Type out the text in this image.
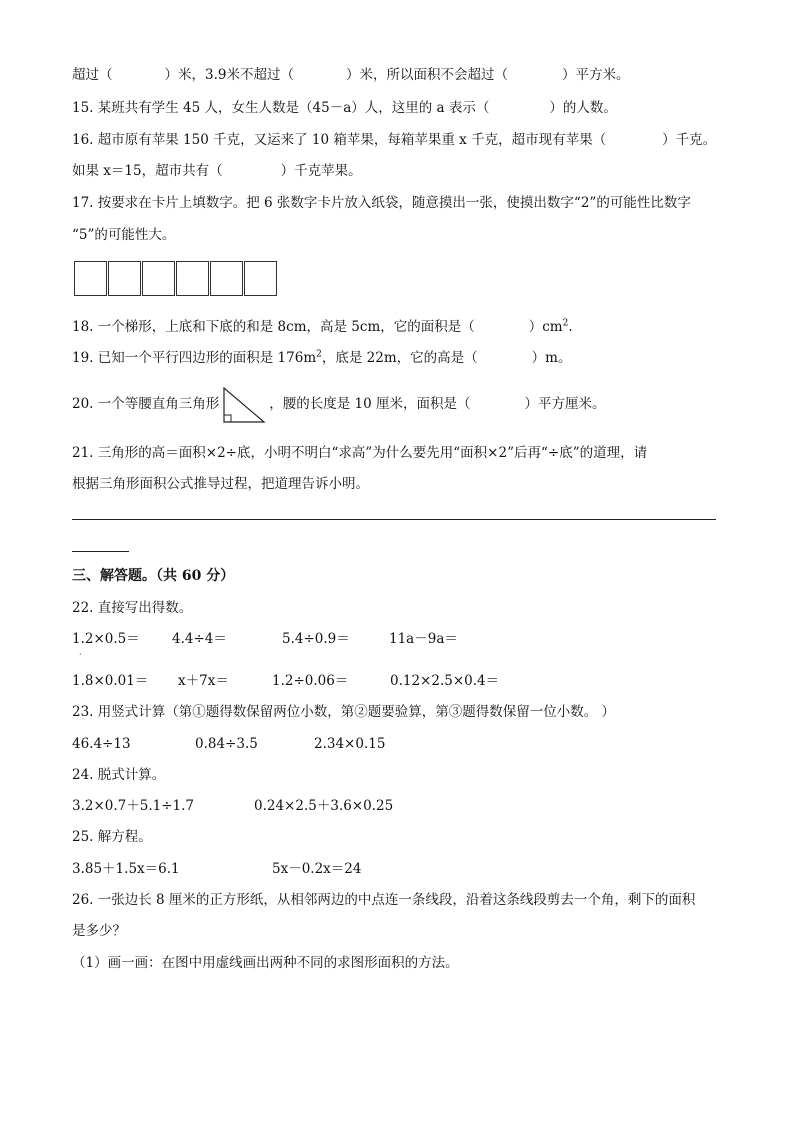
超过（	）米，3.9米不超过（	）米，所以面积不会超过（	）平方米。
15. 某班共有学生 45 人，女生人数是（45－a）人，这里的 a 表示（	）的人数。
16. 超市原有苹果 150 千克，又运来了 10 箱苹果，每箱苹果重 x 千克，超市现有苹果（	）千克。
如果 x＝15，超市共有（	）千克苹果。
17. 按要求在卡片上填数字。把 6 张数字卡片放入纸袋，随意摸出一张，使摸出数字“2”的可能性比数字
“5”的可能性大。
18. 一个梯形，上底和下底的和是 8cm，高是 5cm，它的面积是（	）$cm^2$.
19. 已知一个平行四边形的面积是 $176m^2$，底是 22m，它的高是（	）m。
20. 一个等腰直角三角形	，腰的长度是 10 厘米，面积是（	）平方厘米。
21. 三角形的高＝面积×2÷底，小明不明白“求高”为什么要先用“面积×2”后再“÷底”的道理，请
根据三角形面积公式推导过程，把道理告诉小明。
三、解答题。（共 60 分）
22. 直接写出得数。
1.2×0.5＝ 4.4÷4＝	5.4÷0.9＝	11a－9a＝
·
1.8×0.01＝ x＋7x＝	1.2÷0.06＝	0.12×2.5×0.4＝
23. 用竖式计算（第①题得数保留两位小数，第②题要验算，第③题得数保留一位小数。 ）
46.4÷13	0.84÷3.5	2.34×0.15
24. 脱式计算。
3.2×0.7＋5.1÷1.7	0.24×2.5＋3.6×0.25
25. 解方程。
3.85＋1.5x＝6.1	5x－0.2x＝24
26. 一张边长 8 厘米的正方形纸，从相邻两边的中点连一条线段，沿着这条线段剪去一个角，剩下的面积
是多少？
（1）画一画：在图中用虚线画出两种不同的求图形面积的方法。
